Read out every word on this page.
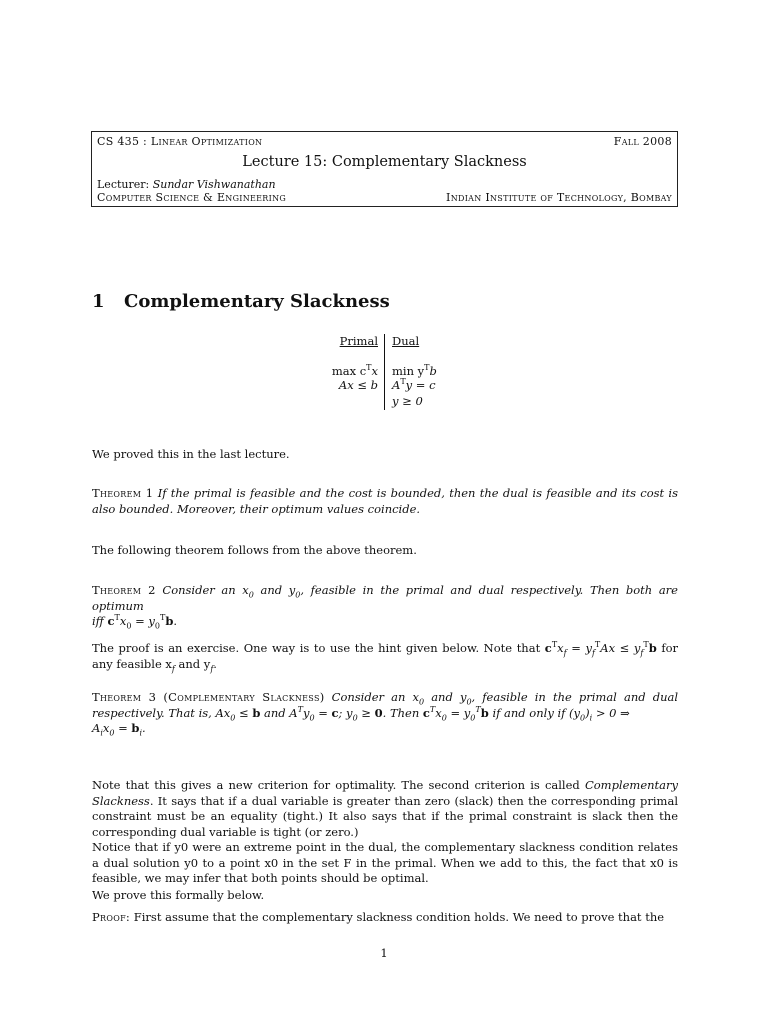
CS 435 : Linear Optimization	Fall 2008
Lecture 15: Complementary Slackness
Lecturer: Sundar Vishwanathan
Computer Science & Engineering	Indian Institute of Technology, Bombay
1 Complementary Slackness
Primal Dual
$\max c^Tx$
Ax ≤ b
$\min y^Tb$
$A^Ty = c$
y ≥ 0

We proved this in the last lecture.

Theorem 1 If the primal is feasible and the cost is bounded, then the dual is feasible and its cost is also bounded. Moreover, their optimum values coincide.

The following theorem follows from the above theorem.

Theorem 2 Consider an $x_0$ and $y_0$, feasible in the primal and dual respectively. Then both are optimum
iff $c^Tx_0 = y_0^Tb$.

The proof is an exercise. One way is to use the hint given below. Note that $c^Tx_f = y_f^TAx \le y_f^Tb$ for

any feasible $x_f$ and $y_f$.

Theorem 3 (Complementary Slackness) Consider an $x_0$ and $y_0$, feasible in the primal and dual

respectively. That is, $Ax_0 \le b$ and $A^Ty_0 = c$; $y_0 \ge 0$. Then $c^Tx_0 = y_0^Tb$ if and only if $(y_0)_i > 0$ ⇒

$A_ix_0 = b_i$.

Note that this gives a new criterion for optimality. The second criterion is called Complementary Slackness. It says that if a dual variable is greater than zero (slack) then the corresponding primal constraint must be an equality (tight.) It also says that if the primal constraint is slack then the corresponding dual variable is tight (or zero.)

Notice that if y0 were an extreme point in the dual, the complementary slackness condition relates a dual solution y0 to a point x0 in the set F in the primal. When we add to this, the fact that x0 is feasible, we may infer that both points should be optimal.

We prove this formally below.

Proof: First assume that the complementary slackness condition holds. We need to prove that the

1
